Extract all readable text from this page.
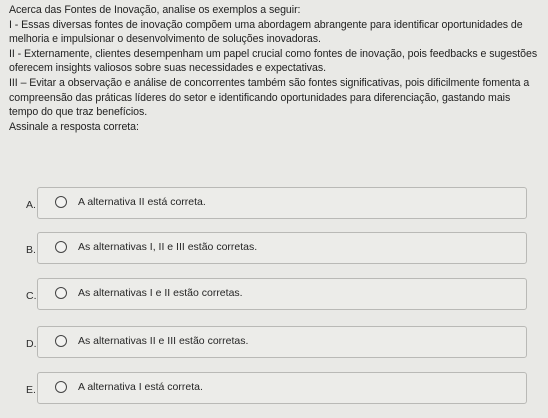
Acerca das Fontes de Inovação, analise os exemplos a seguir:

I - Essas diversas fontes de inovação compõem uma abordagem abrangente para identificar oportunidades de melhoria e impulsionar o desenvolvimento de soluções inovadoras.

II - Externamente, clientes desempenham um papel crucial como fontes de inovação, pois feedbacks e sugestões oferecem insights valiosos sobre suas necessidades e expectativas.

III – Evitar a observação e análise de concorrentes também são fontes significativas, pois dificilmente fomenta a compreensão das práticas líderes do setor e identificando oportunidades para diferenciação, gastando mais tempo do que traz benefícios.

Assinale a resposta correta:

A.	A alternativa II está correta.
B.	As alternativas I, II e III estão corretas.
C.	As alternativas I e II estão corretas.
D.	As alternativas II e III estão corretas.
E.	A alternativa I está correta.
